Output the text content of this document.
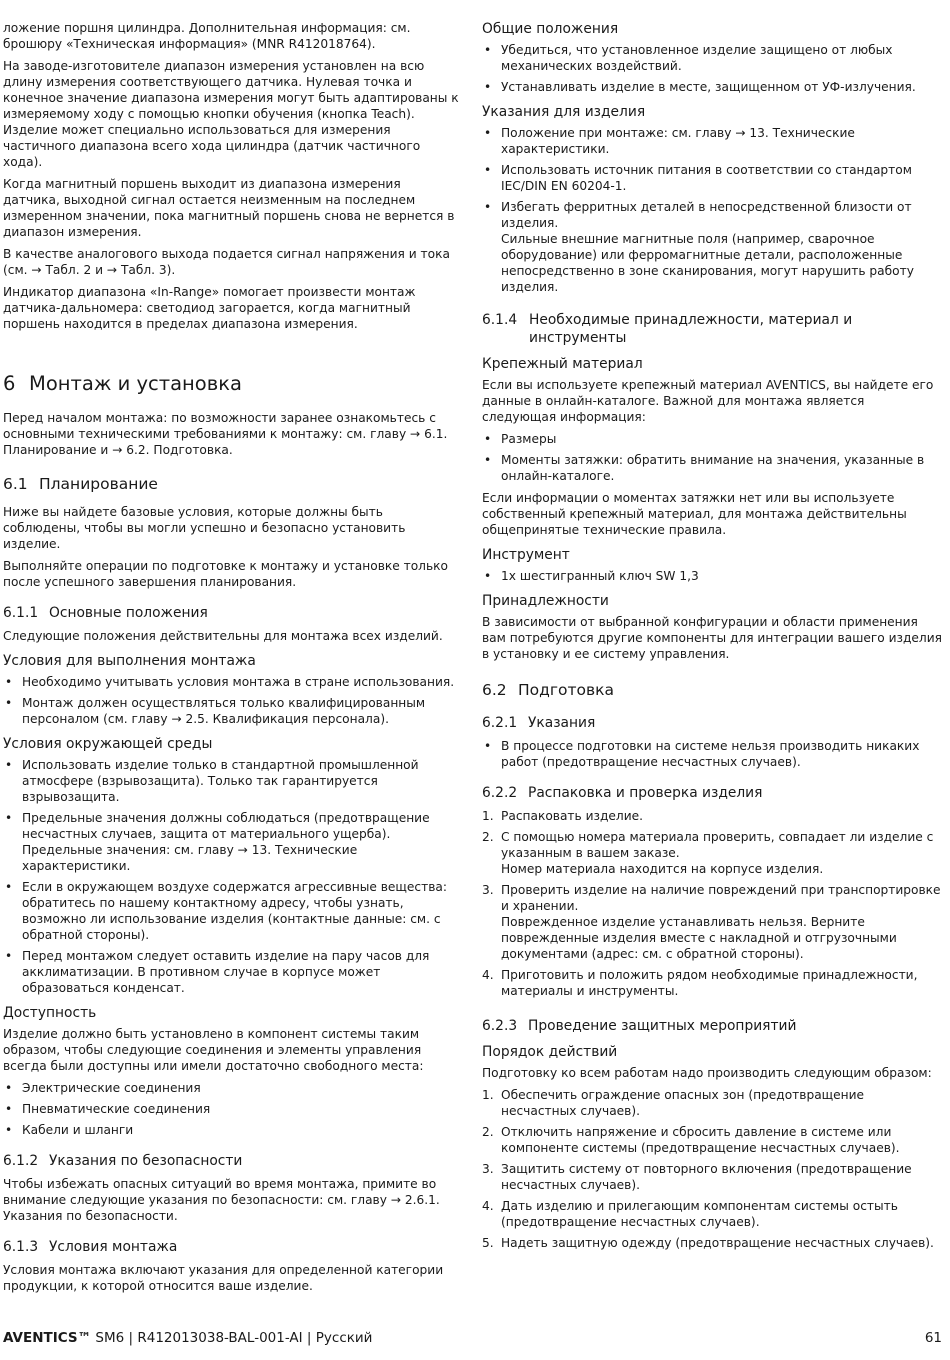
ложение поршня цилиндра. Дополнительная информация: см. брошюру «Техническая информация» (MNR R412018764).

На заводе-изготовителе диапазон измерения установлен на всю длину измерения соответствующего датчика. Нулевая точка и конечное значение диапазона измерения могут быть адаптированы к измеряемому ходу с помощью кнопки обучения (кнопка Teach). Изделие может специально использоваться для измерения частичного диапазона всего хода цилиндра (датчик частичного хода).

Когда магнитный поршень выходит из диапазона измерения датчика, выходной сигнал остается неизменным на последнем измеренном значении, пока магнитный поршень снова не вернется в диапазон измерения.

В качестве аналогового выхода подается сигнал напряжения и тока (см. → Табл. 2 и → Табл. 3).

Индикатор диапазона «In-Range» помогает произвести монтаж датчика-дальномера: светодиод загорается, когда магнитный поршень находится в пределах диапазона измерения.

6 Монтаж и установка

Перед началом монтажа: по возможности заранее ознакомьтесь с основными техническими требованиями к монтажу: см. главу → 6.1. Планирование и → 6.2. Подготовка.

6.1 Планирование

Ниже вы найдете базовые условия, которые должны быть соблюдены, чтобы вы могли успешно и безопасно установить изделие.

Выполняйте операции по подготовке к монтажу и установке только после успешного завершения планирования.

6.1.1 Основные положения

Следующие положения действительны для монтажа всех изделий.

Условия для выполнения монтажа
• Необходимо учитывать условия монтажа в стране использования.
• Монтаж должен осуществляться только квалифицированным персоналом (см. главу → 2.5. Квалификация персонала).
Условия окружающей среды
• Использовать изделие только в стандартной промышленной атмосфере (взрывозащита). Только так гарантируется взрывозащита.
• Предельные значения должны соблюдаться (предотвращение несчастных случаев, защита от материального ущерба). Предельные значения: см. главу → 13. Технические характеристики.
• Если в окружающем воздухе содержатся агрессивные вещества: обратитесь по нашему контактному адресу, чтобы узнать, возможно ли использование изделия (контактные данные: см. с обратной стороны).
• Перед монтажом следует оставить изделие на пару часов для акклиматизации. В противном случае в корпусе может образоваться конденсат.
Доступность

Изделие должно быть установлено в компонент системы таким образом, чтобы следующие соединения и элементы управления всегда были доступны или имели достаточно свободного места:

• Электрические соединения
• Пневматические соединения
• Кабели и шланги
6.1.2 Указания по безопасности

Чтобы избежать опасных ситуаций во время монтажа, примите во внимание следующие указания по безопасности: см. главу → 2.6.1. Указания по безопасности.

6.1.3 Условия монтажа

Условия монтажа включают указания для определенной категории продукции, к которой относится ваше изделие.

Общие положения
• Убедиться, что установленное изделие защищено от любых механических воздействий.
• Устанавливать изделие в месте, защищенном от УФ-излучения.
Указания для изделия
• Положение при монтаже: см. главу → 13. Технические характеристики.
• Использовать источник питания в соответствии со стандартом IEC/DIN EN 60204-1.
• Избегать ферритных деталей в непосредственной близости от изделия.
Сильные внешние магнитные поля (например, сварочное оборудование) или ферромагнитные детали, расположенные непосредственно в зоне сканирования, могут нарушить работу изделия.
6.1.4 Необходимые принадлежности, материал и инструменты
Крепежный материал

Если вы используете крепежный материал AVENTICS, вы найдете его данные в онлайн-каталоге. Важной для монтажа является следующая информация:

• Размеры
• Моменты затяжки: обратить внимание на значения, указанные в онлайн-каталоге.

Если информации о моментах затяжки нет или вы используете собственный крепежный материал, для монтажа действительны общепринятые технические правила.

Инструмент
• 1x шестигранный ключ SW 1,3
Принадлежности

В зависимости от выбранной конфигурации и области применения вам потребуются другие компоненты для интеграции вашего изделия в установку и ее систему управления.

6.2 Подготовка
6.2.1 Указания
• В процессе подготовки на системе нельзя производить никаких работ (предотвращение несчастных случаев).
6.2.2 Распаковка и проверка изделия
1. Распаковать изделие.
2. С помощью номера материала проверить, совпадает ли изделие с указанным в вашем заказе.
Номер материала находится на корпусе изделия.
3. Проверить изделие на наличие повреждений при транспортировке и хранении.
Поврежденное изделие устанавливать нельзя. Верните поврежденные изделия вместе с накладной и отгрузочными документами (адрес: см. с обратной стороны).
4. Приготовить и положить рядом необходимые принадлежности, материалы и инструменты.
6.2.3 Проведение защитных мероприятий
Порядок действий

Подготовку ко всем работам надо производить следующим образом:

1. Обеспечить ограждение опасных зон (предотвращение несчастных случаев).
2. Отключить напряжение и сбросить давление в системе или компоненте системы (предотвращение несчастных случаев).
3. Защитить систему от повторного включения (предотвращение несчастных случаев).
4. Дать изделию и прилегающим компонентам системы остыть (предотвращение несчастных случаев).
5. Надеть защитную одежду (предотвращение несчастных случаев).
AVENTICS™ SM6 | R412013038-BAL-001-AI | Русский	61
